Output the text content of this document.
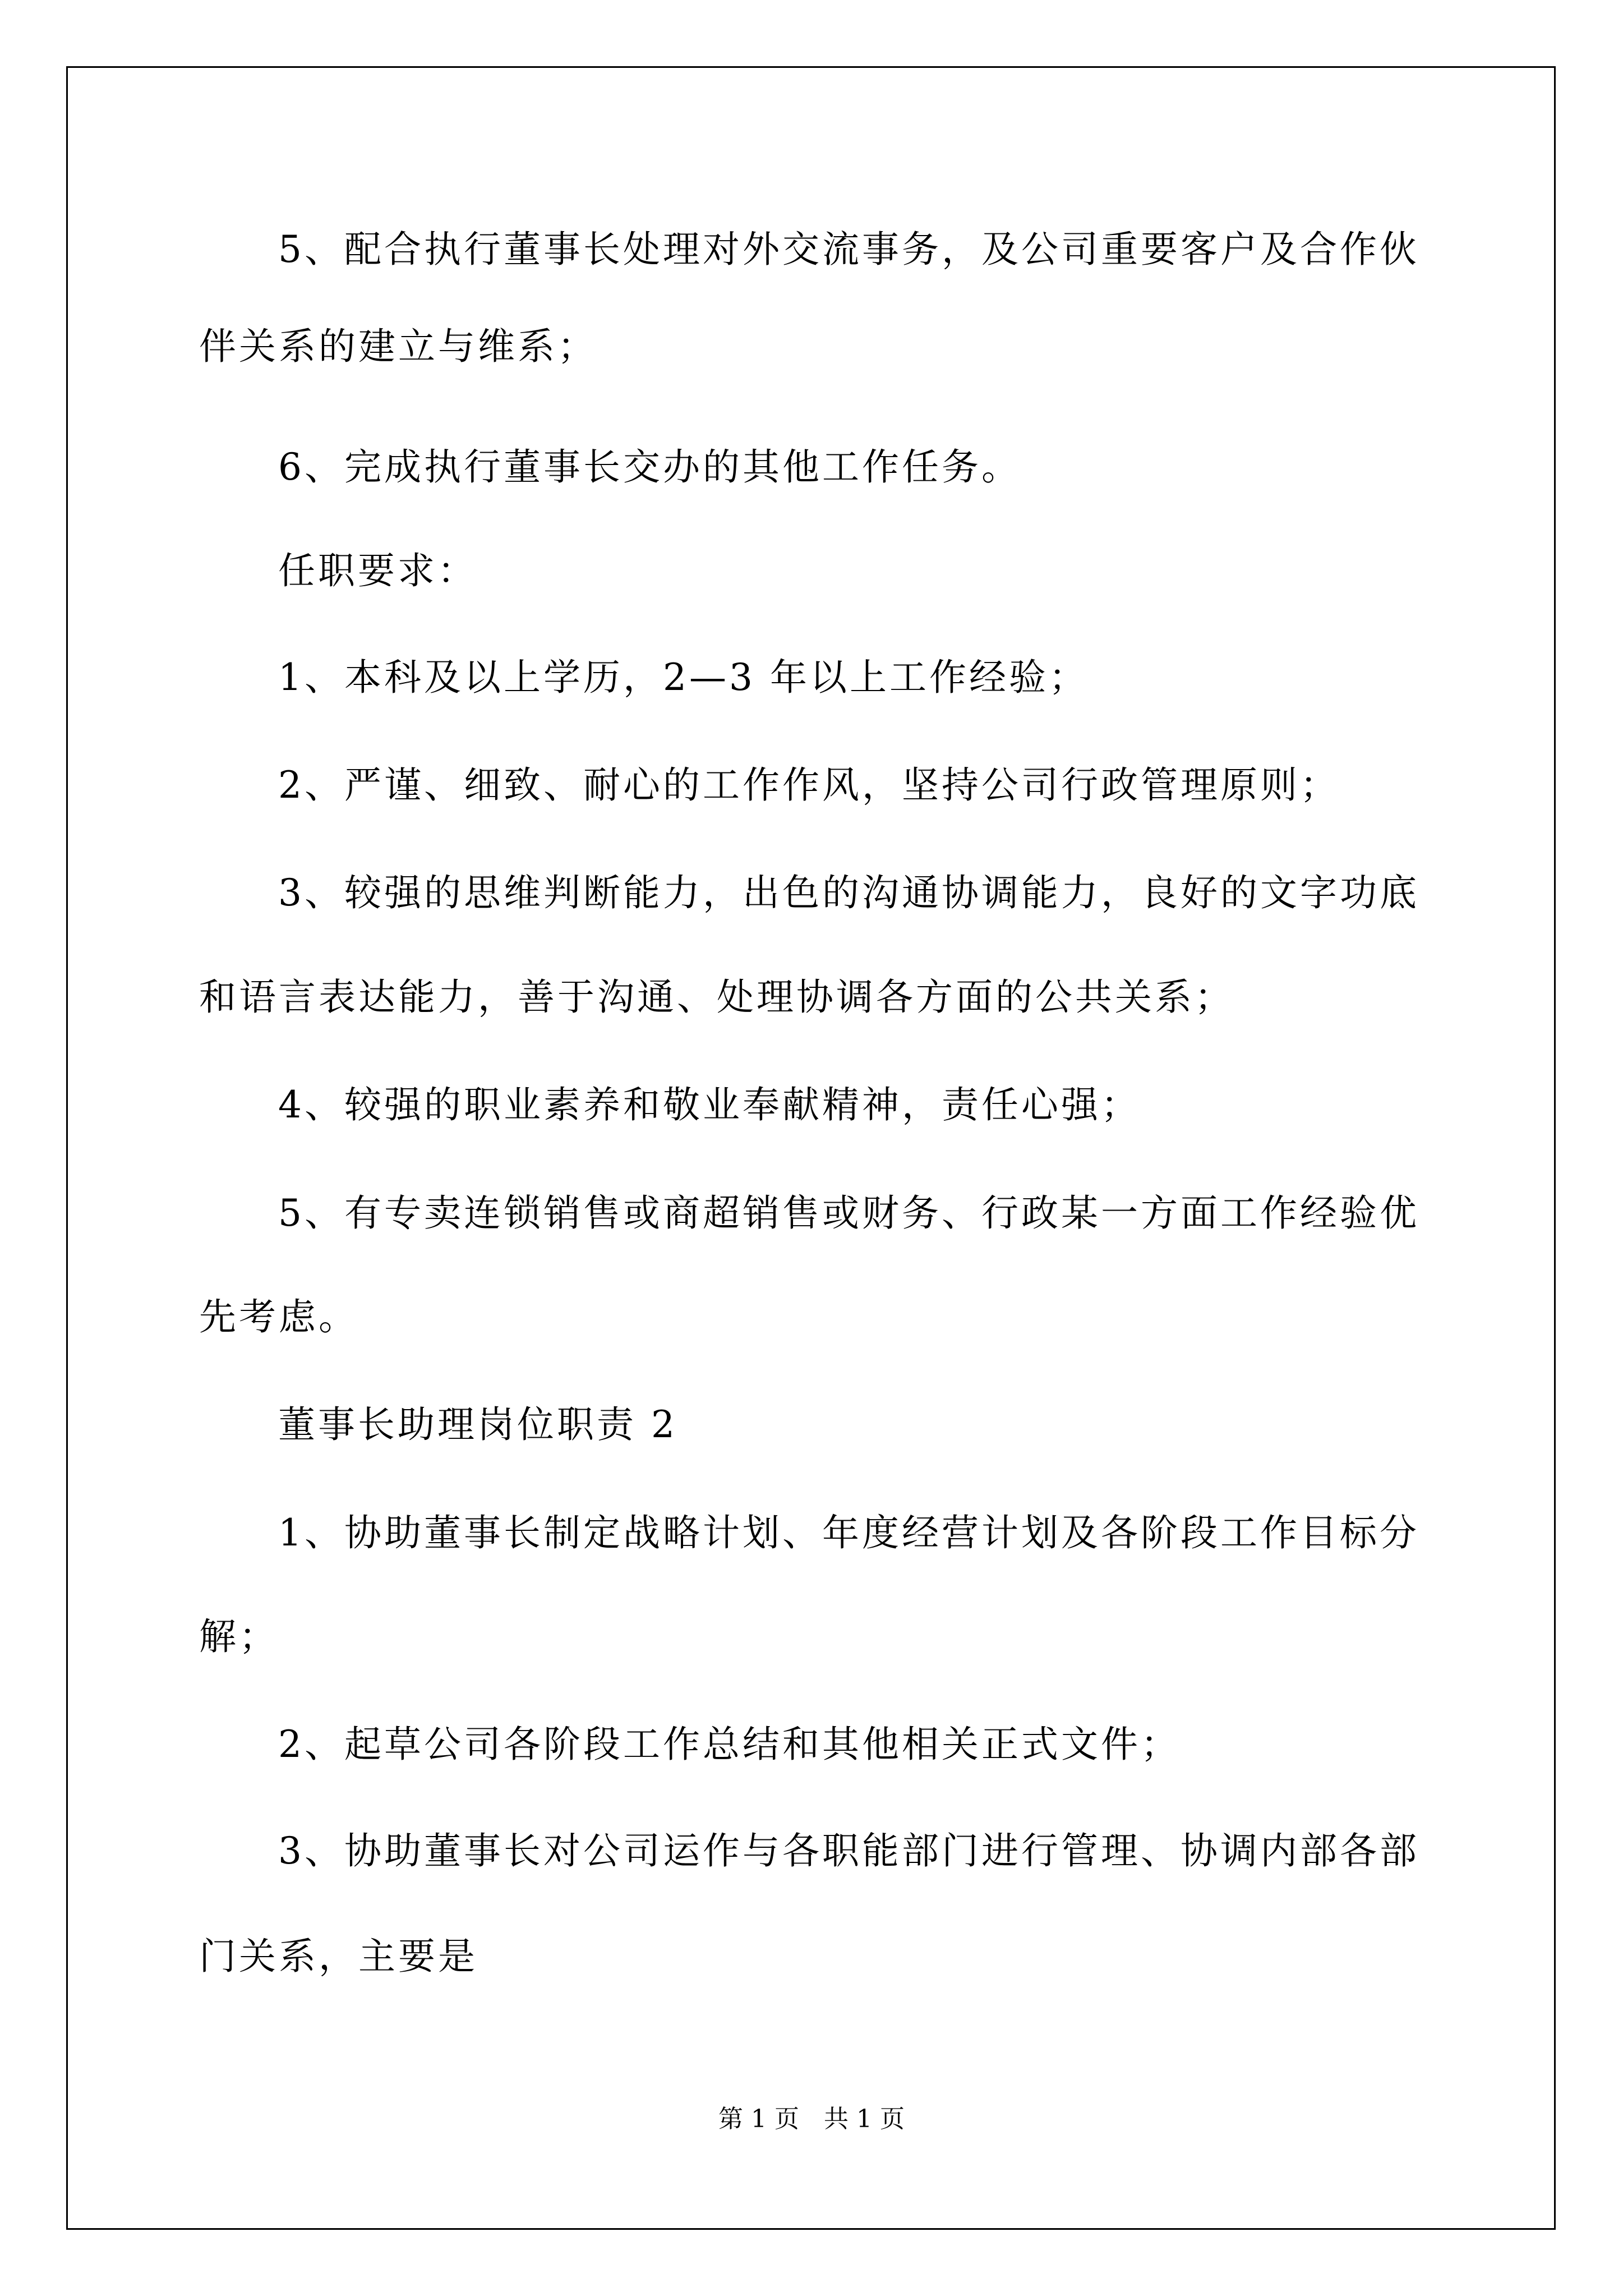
5、配合执行董事长处理对外交流事务，及公司重要客户及合作伙
伴关系的建立与维系；
6、完成执行董事长交办的其他工作任务。
任职要求：
1、本科及以上学历，2—3 年以上工作经验；
2、严谨、细致、耐心的工作作风，坚持公司行政管理原则；
3、较强的思维判断能力，出色的沟通协调能力，良好的文字功底
和语言表达能力，善于沟通、处理协调各方面的公共关系；
4、较强的职业素养和敬业奉献精神，责任心强；
5、有专卖连锁销售或商超销售或财务、行政某一方面工作经验优
先考虑。
董事长助理岗位职责 2
1、协助董事长制定战略计划、年度经营计划及各阶段工作目标分
解；
2、起草公司各阶段工作总结和其他相关正式文件；
3、协助董事长对公司运作与各职能部门进行管理、协调内部各部
门关系，主要是
第 1 页　共 1 页
